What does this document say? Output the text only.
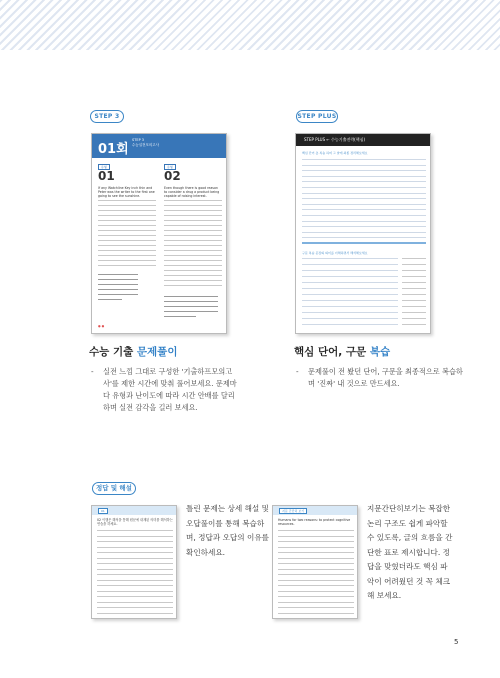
STEP 3
01회
STEP 3
수능실전모의고사
유형	유형
01	02
If any Watchline Key inch thin and Peter was the writer to the first one going to see the sunshine.
Even though there is good reason to consider a drug a product being capable of raising interest.
● ●
수능 기출 문제풀이
-	실전 느낌 그대로 구성한 '기출하프모의고사'를 제한 시간에 맞춰 풀어보세요. 문제마다 유형과 난이도에 따라 시간 안배를 달리하며 실전 감각을 길러 보세요.
STEP PLUS
STEP PLUS ← 수능기출전략(핵심)
핵심 단어 총 복습 하며 그 날에 최종 정리해보세요
구문 복습 문장의 의미를 이해하면서 해석해보세요
핵심 단어, 구문 복습
-	문제풀이 전 봤던 단어, 구문을 최종적으로 복습하며 '진짜' 내 것으로 만드세요.
정답 및 해설
01
02 이행은 해석을 통해 원문에 내재된 의미를 해석하는 연습을 하세요.
틀린 문제는 상세 해설 및 오답풀이를 통해 복습하며, 정답과 오답의 이유를 확인하세요.
지문 간단히 보기
Humans for two reasons: to protect cognitive resources.
지문간단히보기는 복잡한 논리 구조도 쉽게 파악할 수 있도록, 글의 흐름을 간단한 표로 제시합니다. 정답을 맞혔더라도 핵심 파악이 어려웠던 것 꼭 체크해 보세요.
5
